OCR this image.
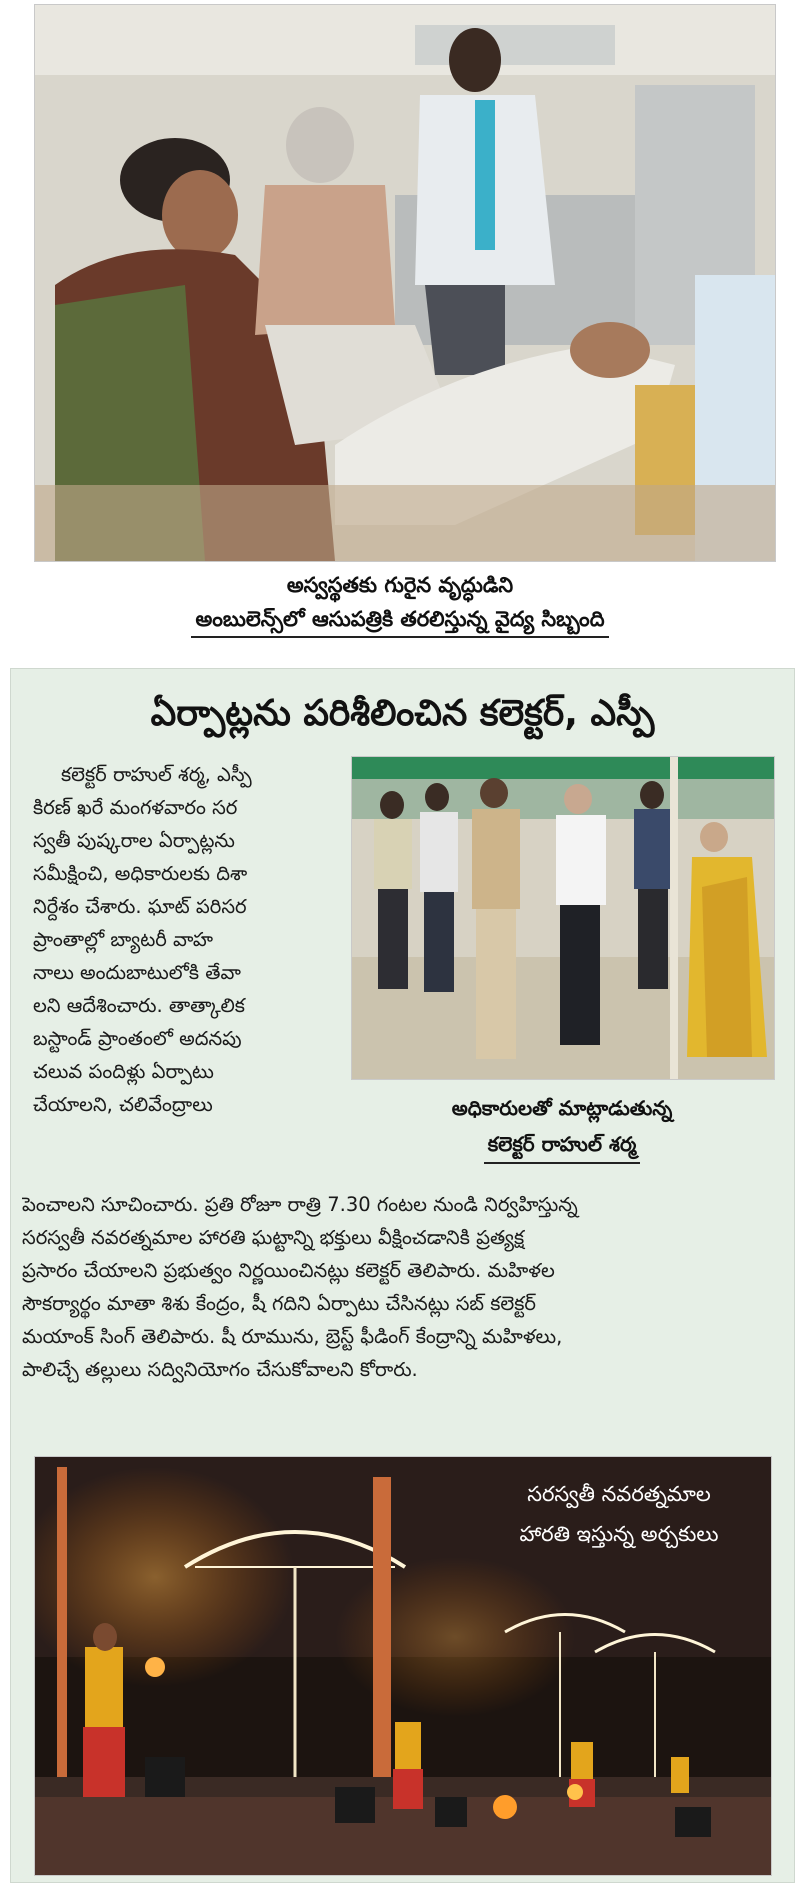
అస్వస్థతకు గురైన వృద్ధుడిని
అంబులెన్స్‌లో ఆసుపత్రికి తరలిస్తున్న వైద్య సిబ్బంది
ఏర్పాట్లను పరిశీలించిన కలెక్టర్, ఎస్పీ
కలెక్టర్ రాహుల్ శర్మ, ఎస్పీ
కిరణ్ ఖరే మంగళవారం సర
స్వతీ పుష్కరాల ఏర్పాట్లను
సమీక్షించి, అధికారులకు దిశా
నిర్దేశం చేశారు. ఘాట్ పరిసర
ప్రాంతాల్లో బ్యాటరీ వాహ
నాలు అందుబాటులోకి తేవా
లని ఆదేశించారు. తాత్కాలిక
బస్టాండ్ ప్రాంతంలో అదనపు
చలువ పందిళ్లు ఏర్పాటు
చేయాలని, చలివేంద్రాలు	అధికారులతో మాట్లాడుతున్న
కలెక్టర్ రాహుల్ శర్మ
పెంచాలని సూచించారు. ప్రతి రోజూ రాత్రి 7.30 గంటల నుండి నిర్వహిస్తున్న
సరస్వతీ నవరత్నమాల హారతి ఘట్టాన్ని భక్తులు వీక్షించడానికి ప్రత్యక్ష
ప్రసారం చేయాలని ప్రభుత్వం నిర్ణయించినట్లు కలెక్టర్ తెలిపారు. మహిళల
సౌకర్యార్థం మాతా శిశు కేంద్రం, షీ గదిని ఏర్పాటు చేసినట్లు సబ్ కలెక్టర్
మయాంక్ సింగ్ తెలిపారు. షీ రూమును, బ్రెస్ట్ ఫీడింగ్ కేంద్రాన్ని మహిళలు,
పాలిచ్చే తల్లులు సద్వినియోగం చేసుకోవాలని కోరారు.
సరస్వతీ నవరత్నమాల
హారతి ఇస్తున్న అర్చకులు
